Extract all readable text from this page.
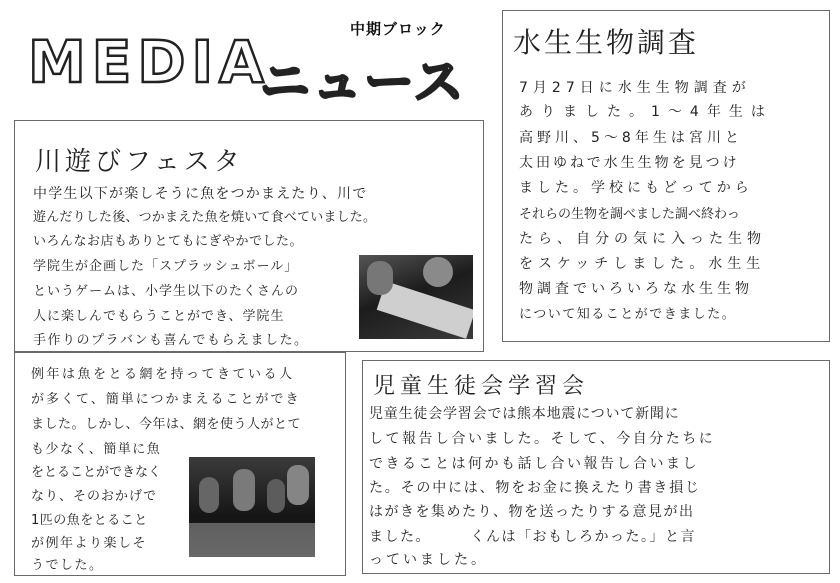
MEDIA
ニュース
中期ブロック
川遊びフェスタ
中学生以下が楽しそうに魚をつかまえたり、川で
遊んだりした後、つかまえた魚を焼いて食べていました。
いろんなお店もありとてもにぎやかでした。
学院生が企画した「スプラッシュボール」
というゲームは、小学生以下のたくさんの
人に楽しんでもらうことができ、学院生
手作りのプラバンも喜んでもらえました。
水生生物調査
7月27日に水生生物調査が
ありました。1〜4年生は
高野川、5〜8年生は宮川と
太田ゆねで水生生物を見つけ
ました。学校にもどってから
それらの生物を調べました調べ終わっ
たら、自分の気に入った生物
をスケッチしました。水生生
物調査でいろいろな水生生物
について知ることができました。
例年は魚をとる網を持ってきている人
が多くて、簡単につかまえることができ
ました。しかし、今年は、網を使う人がとて
も少なく、簡単に魚
をとることができなく
なり、そのおかげで
1匹の魚をとること
が例年より楽しそ
うでした。
児童生徒会学習会
児童生徒会学習会では熊本地震について新聞に
して報告し合いました。そして、今自分たちに
できることは何かも話し合い報告し合いまし
た。その中には、物をお金に換えたり書き損じ
はがきを集めたり、物を送ったりする意見が出
ました。　　　くんは「おもしろかった。」と言
っていました。
